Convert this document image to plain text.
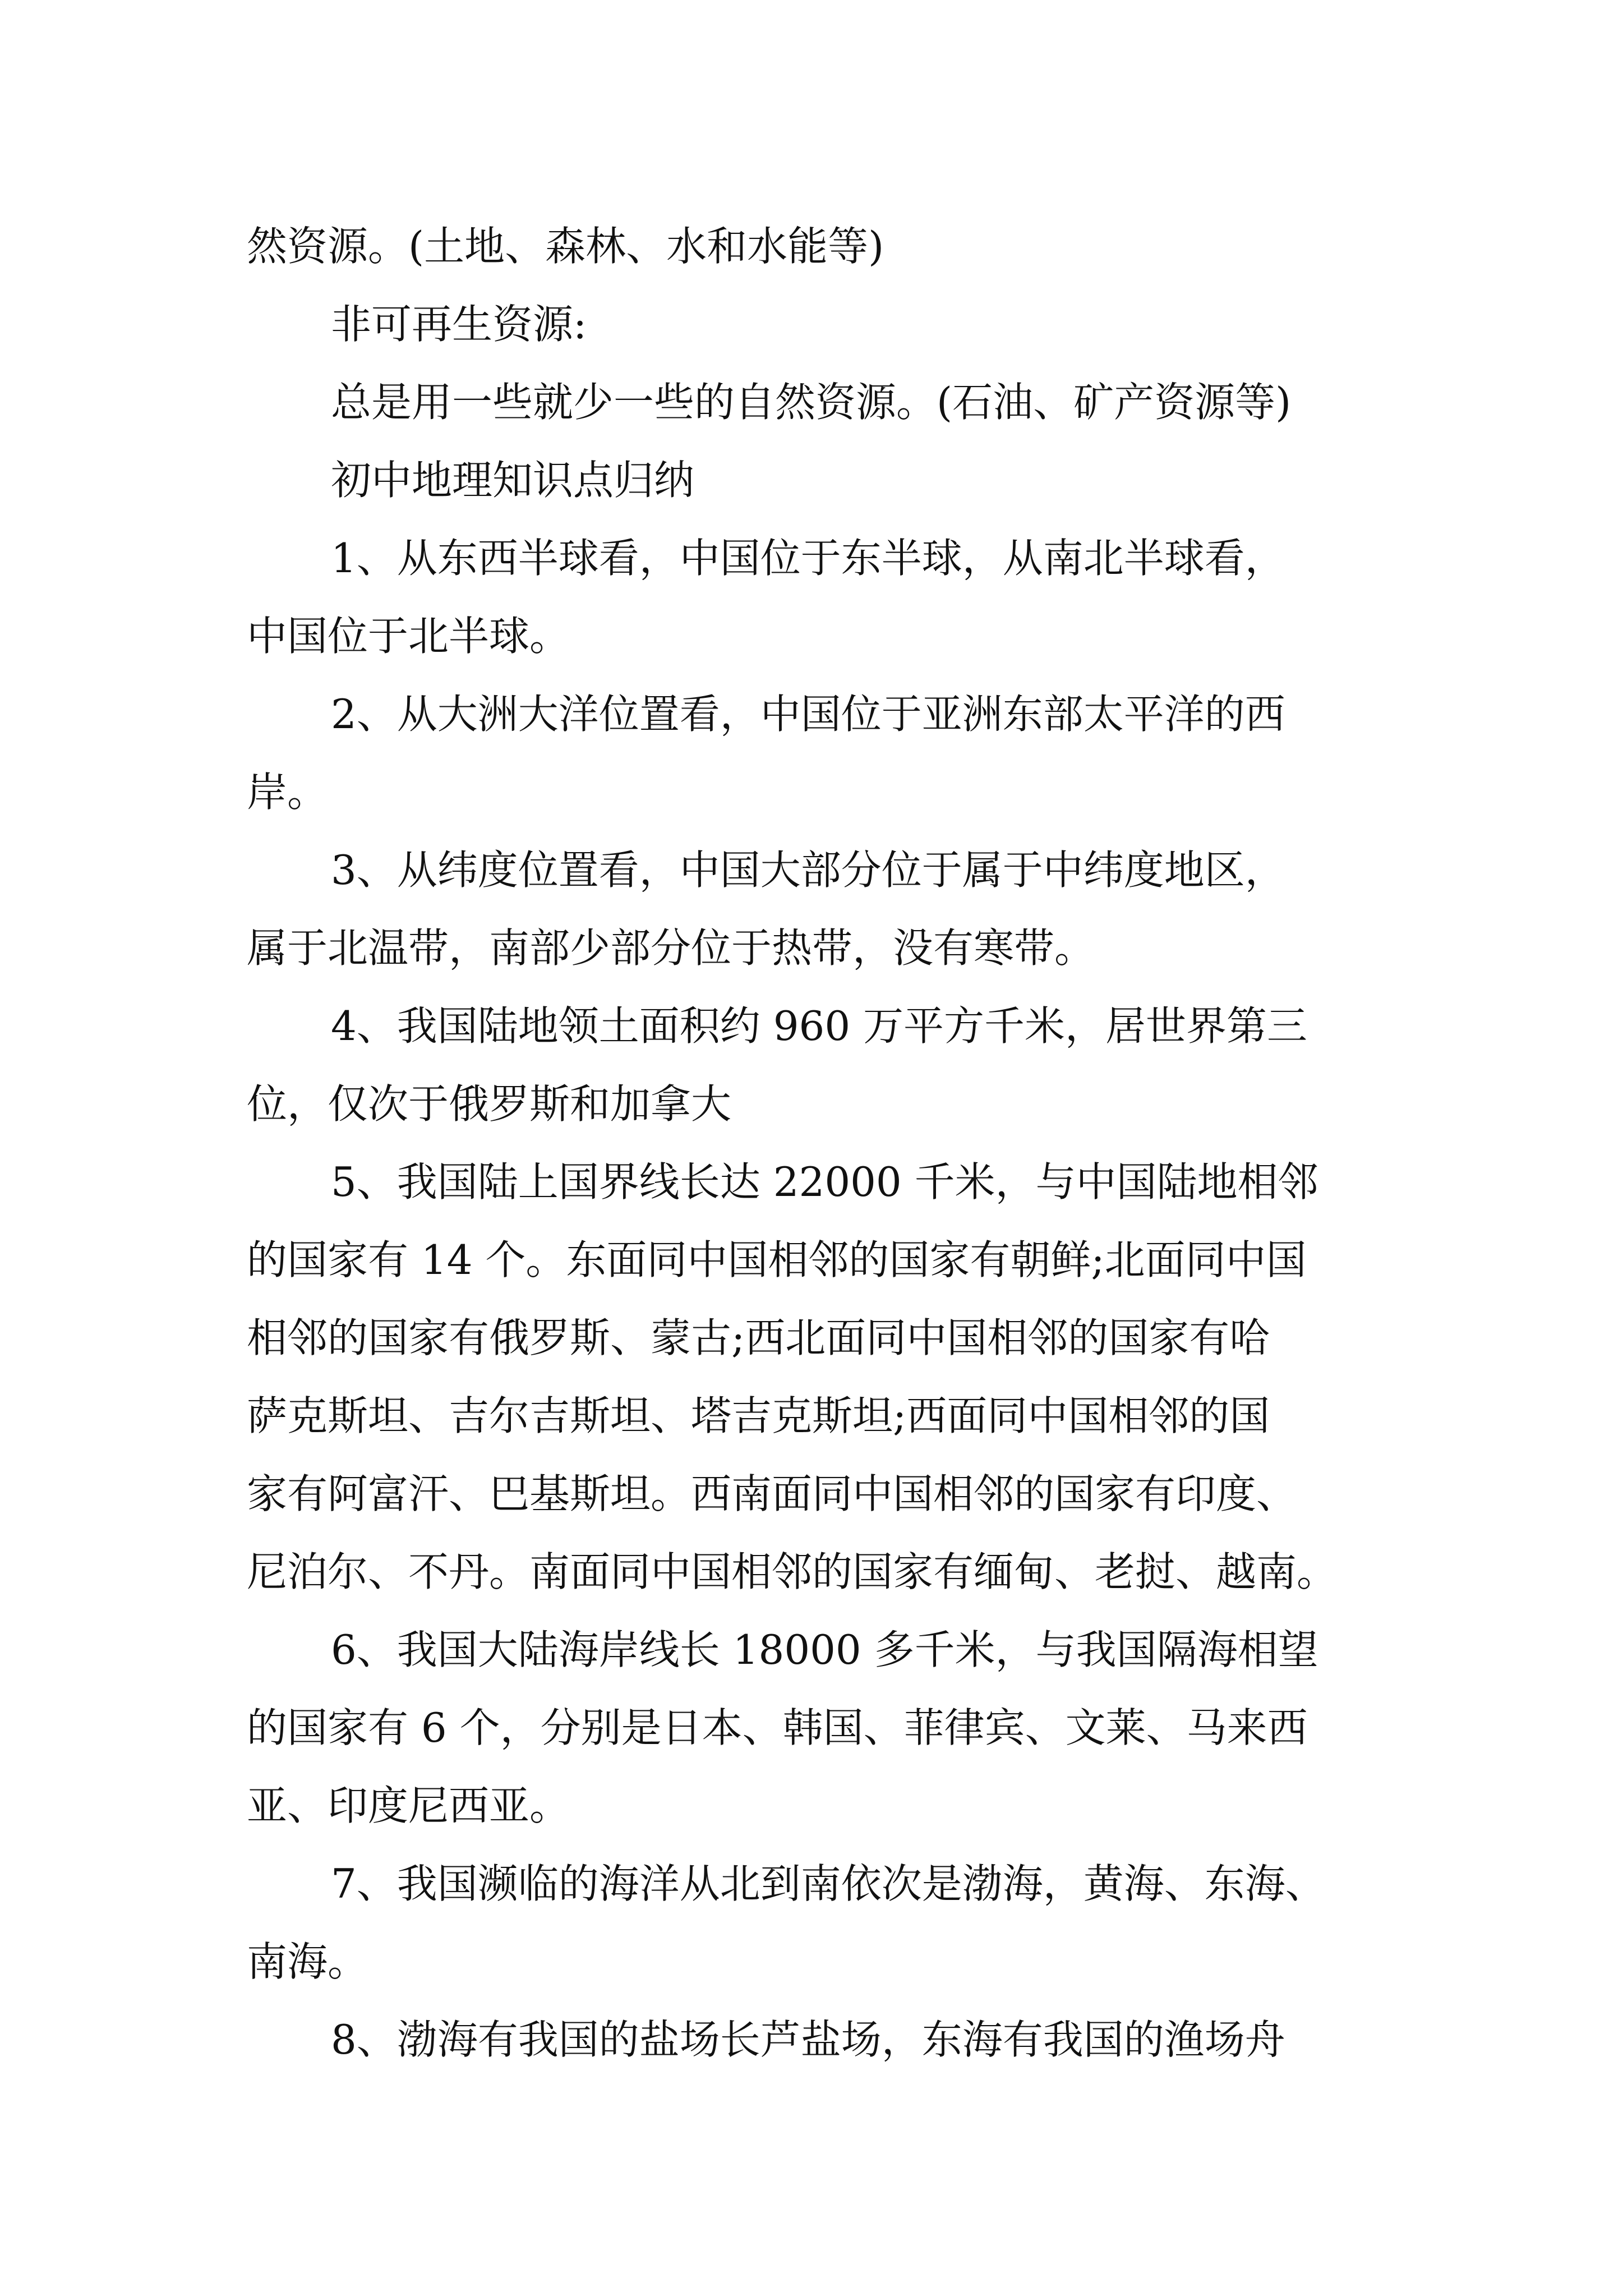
然资源。(土地、森林、水和水能等)

非可再生资源:

总是用一些就少一些的自然资源。(石油、矿产资源等)

初中地理知识点归纳

1、从东西半球看，中国位于东半球，从南北半球看，

中国位于北半球。

2、从大洲大洋位置看，中国位于亚洲东部太平洋的西

岸。

3、从纬度位置看，中国大部分位于属于中纬度地区，

属于北温带，南部少部分位于热带，没有寒带。

4、我国陆地领土面积约 960 万平方千米，居世界第三

位，仅次于俄罗斯和加拿大

5、我国陆上国界线长达 22000 千米，与中国陆地相邻

的国家有 14 个。东面同中国相邻的国家有朝鲜;北面同中国

相邻的国家有俄罗斯、蒙古;西北面同中国相邻的国家有哈

萨克斯坦、吉尔吉斯坦、塔吉克斯坦;西面同中国相邻的国

家有阿富汗、巴基斯坦。西南面同中国相邻的国家有印度、

尼泊尔、不丹。南面同中国相邻的国家有缅甸、老挝、越南。

6、我国大陆海岸线长 18000 多千米，与我国隔海相望

的国家有 6 个，分别是日本、韩国、菲律宾、文莱、马来西

亚、印度尼西亚。

7、我国濒临的海洋从北到南依次是渤海，黄海、东海、

南海。

8、渤海有我国的盐场长芦盐场，东海有我国的渔场舟
